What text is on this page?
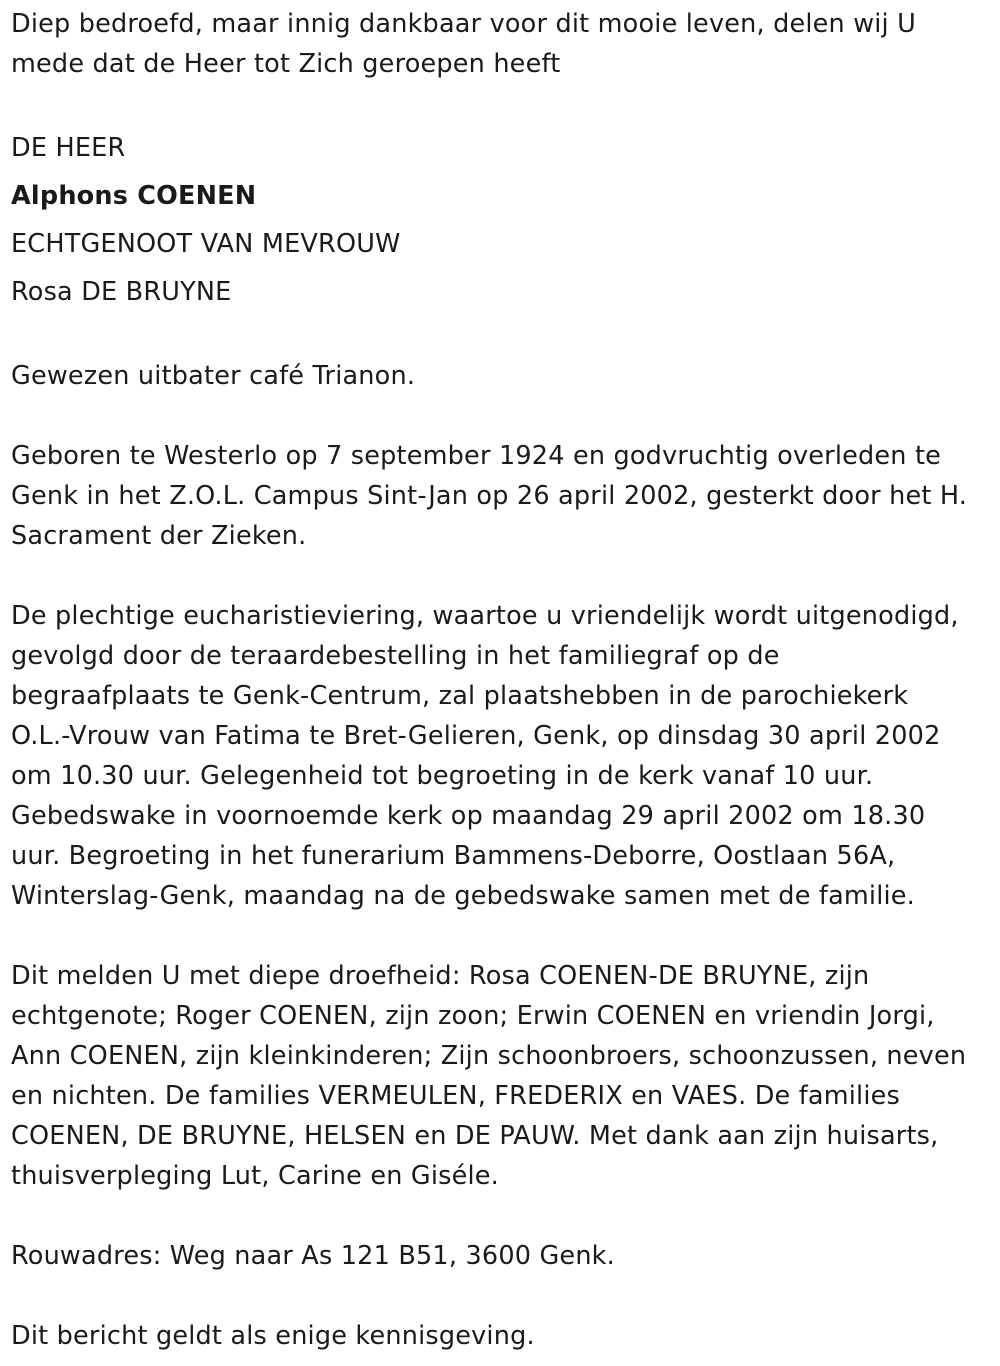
Diep bedroefd, maar innig dankbaar voor dit mooie leven, delen wij U
mede dat de Heer tot Zich geroepen heeft

DE HEER

Alphons COENEN

ECHTGENOOT VAN MEVROUW

Rosa DE BRUYNE

Gewezen uitbater café Trianon.

Geboren te Westerlo op 7 september 1924 en godvruchtig overleden te
Genk in het Z.O.L. Campus Sint-Jan op 26 april 2002, gesterkt door het H.
Sacrament der Zieken.

De plechtige eucharistieviering, waartoe u vriendelijk wordt uitgenodigd,
gevolgd door de teraardebestelling in het familiegraf op de
begraafplaats te Genk-Centrum, zal plaatshebben in de parochiekerk
O.L.-Vrouw van Fatima te Bret-Gelieren, Genk, op dinsdag 30 april 2002
om 10.30 uur. Gelegenheid tot begroeting in de kerk vanaf 10 uur.
Gebedswake in voornoemde kerk op maandag 29 april 2002 om 18.30
uur. Begroeting in het funerarium Bammens-Deborre, Oostlaan 56A,
Winterslag-Genk, maandag na de gebedswake samen met de familie.

Dit melden U met diepe droefheid: Rosa COENEN-DE BRUYNE, zijn
echtgenote; Roger COENEN, zijn zoon; Erwin COENEN en vriendin Jorgi,
Ann COENEN, zijn kleinkinderen; Zijn schoonbroers, schoonzussen, neven
en nichten. De families VERMEULEN, FREDERIX en VAES. De families
COENEN, DE BRUYNE, HELSEN en DE PAUW. Met dank aan zijn huisarts,
thuisverpleging Lut, Carine en Giséle.

Rouwadres: Weg naar As 121 B51, 3600 Genk.

Dit bericht geldt als enige kennisgeving.
